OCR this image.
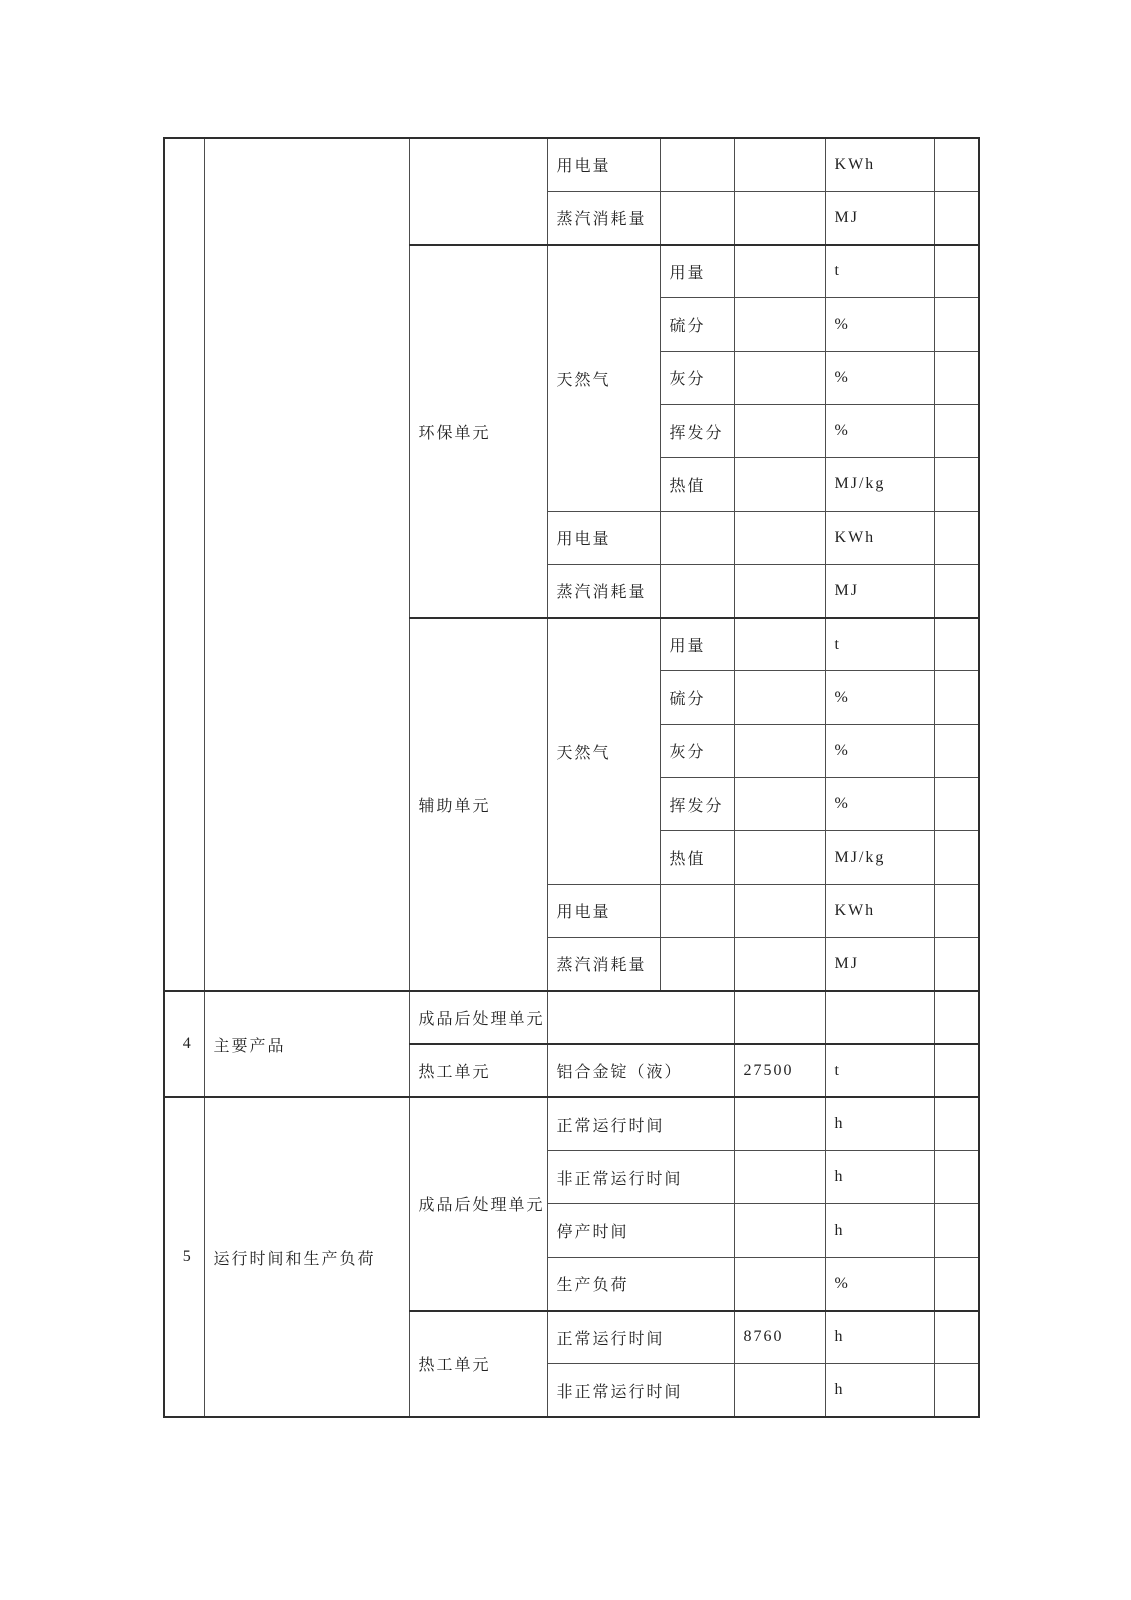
			用电量			KWh	
			蒸汽消耗量			MJ	
		环保单元	天然气	用量		t	
				硫分		%	
				灰分		%	
				挥发分		%	
				热值		MJ/kg	
			用电量			KWh	
			蒸汽消耗量			MJ	
		辅助单元	天然气	用量		t	
				硫分		%	
				灰分		%	
				挥发分		%	
				热值		MJ/kg	
			用电量			KWh	
			蒸汽消耗量			MJ	
4	主要产品	成品后处理单元					
		热工单元	铝合金锭（液）		27500	t	
5	运行时间和生产负荷	成品后处理单元	正常运行时间			h	
			非正常运行时间			h	
			停产时间			h	
			生产负荷			%	
		热工单元	正常运行时间		8760	h	
			非正常运行时间			h	
